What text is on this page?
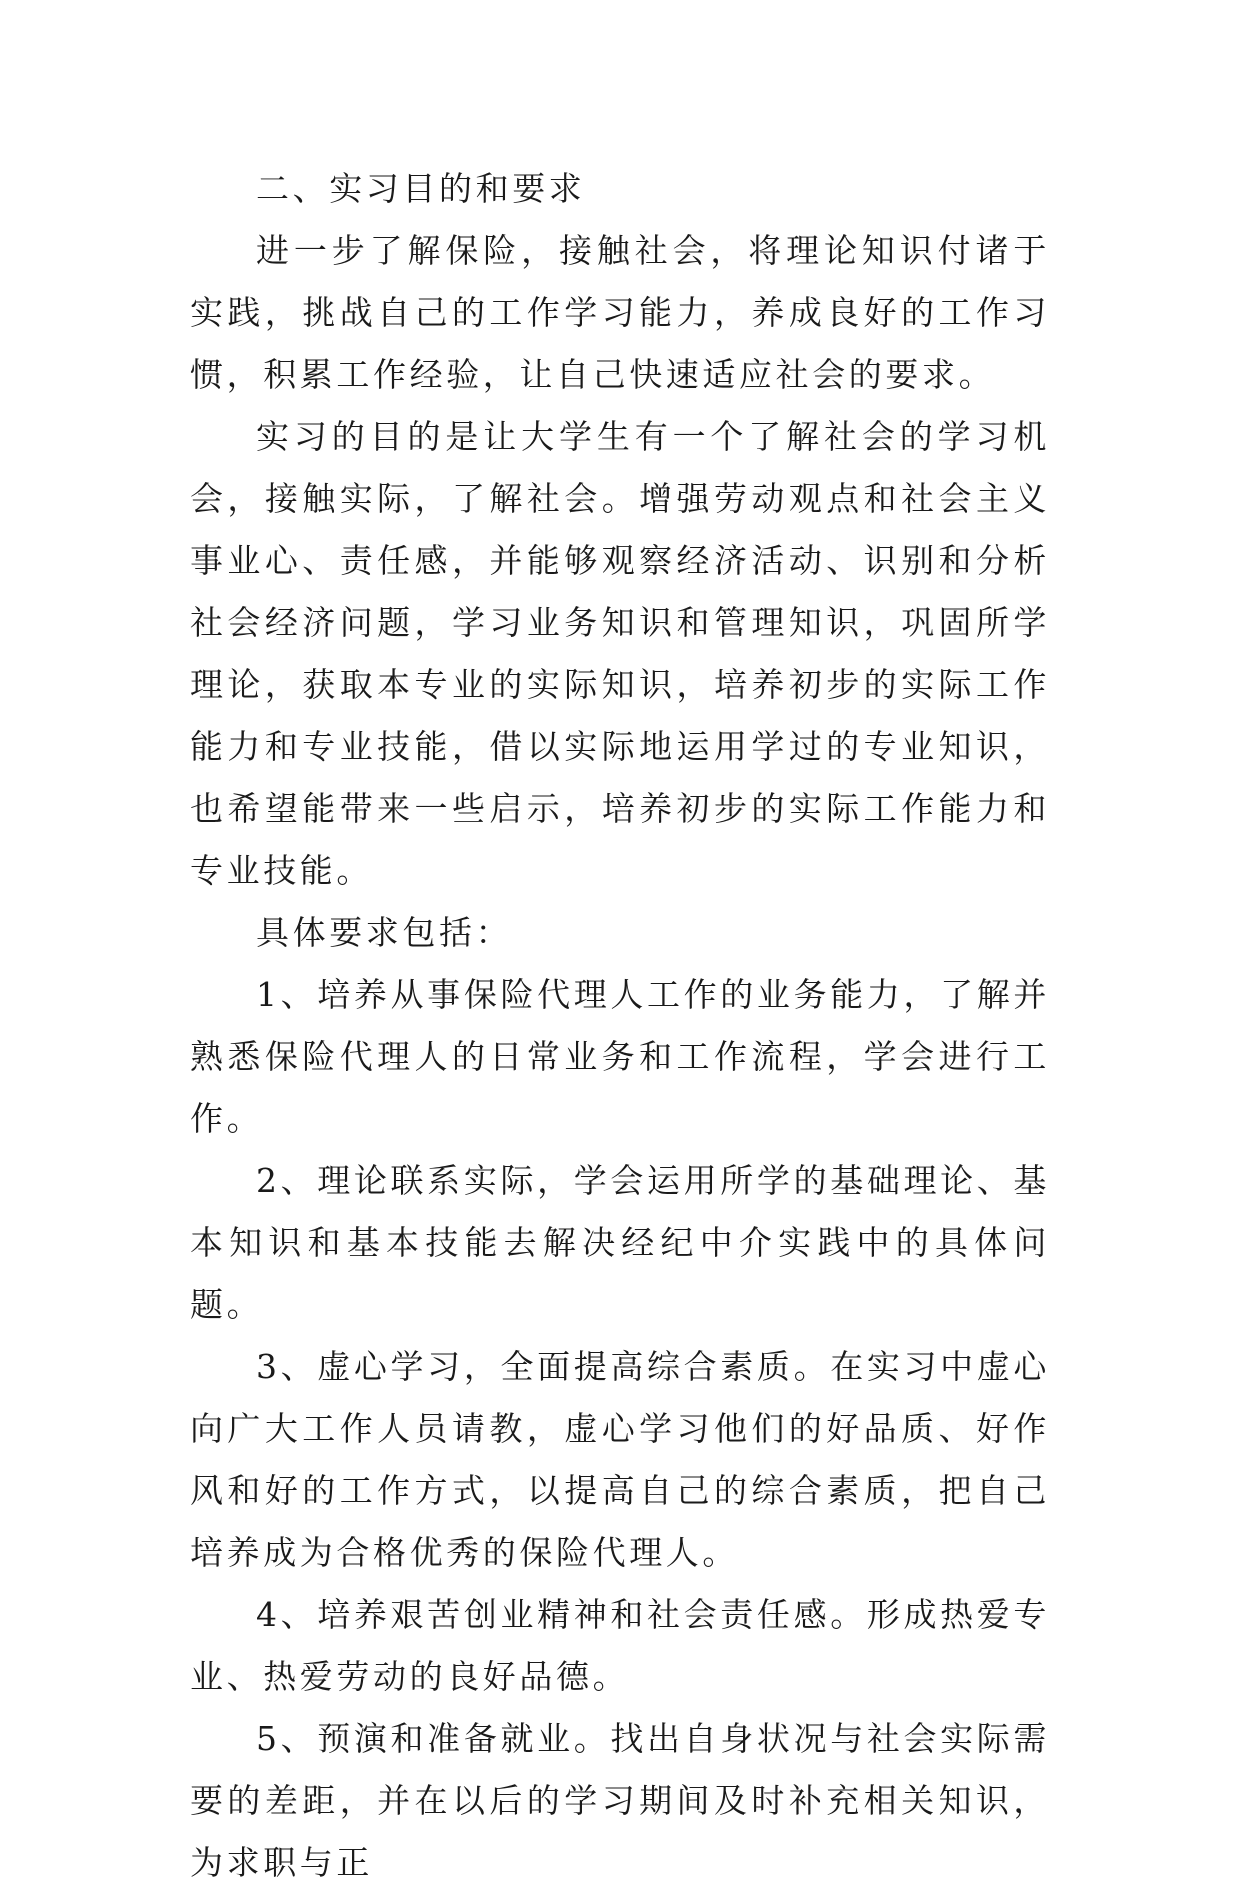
二、实习目的和要求

进一步了解保险，接触社会，将理论知识付诸于实践，挑战自己的工作学习能力，养成良好的工作习惯，积累工作经验，让自己快速适应社会的要求。

实习的目的是让大学生有一个了解社会的学习机会，接触实际，了解社会。增强劳动观点和社会主义事业心、责任感，并能够观察经济活动、识别和分析社会经济问题，学习业务知识和管理知识，巩固所学理论，获取本专业的实际知识，培养初步的实际工作能力和专业技能，借以实际地运用学过的专业知识，也希望能带来一些启示，培养初步的实际工作能力和专业技能。

具体要求包括：

1、培养从事保险代理人工作的业务能力，了解并熟悉保险代理人的日常业务和工作流程，学会进行工作。

2、理论联系实际，学会运用所学的基础理论、基本知识和基本技能去解决经纪中介实践中的具体问题。

3、虚心学习，全面提高综合素质。在实习中虚心向广大工作人员请教，虚心学习他们的好品质、好作风和好的工作方式，以提高自己的综合素质，把自己培养成为合格优秀的保险代理人。

4、培养艰苦创业精神和社会责任感。形成热爱专业、热爱劳动的良好品德。

5、预演和准备就业。找出自身状况与社会实际需要的差距，并在以后的学习期间及时补充相关知识，为求职与正
